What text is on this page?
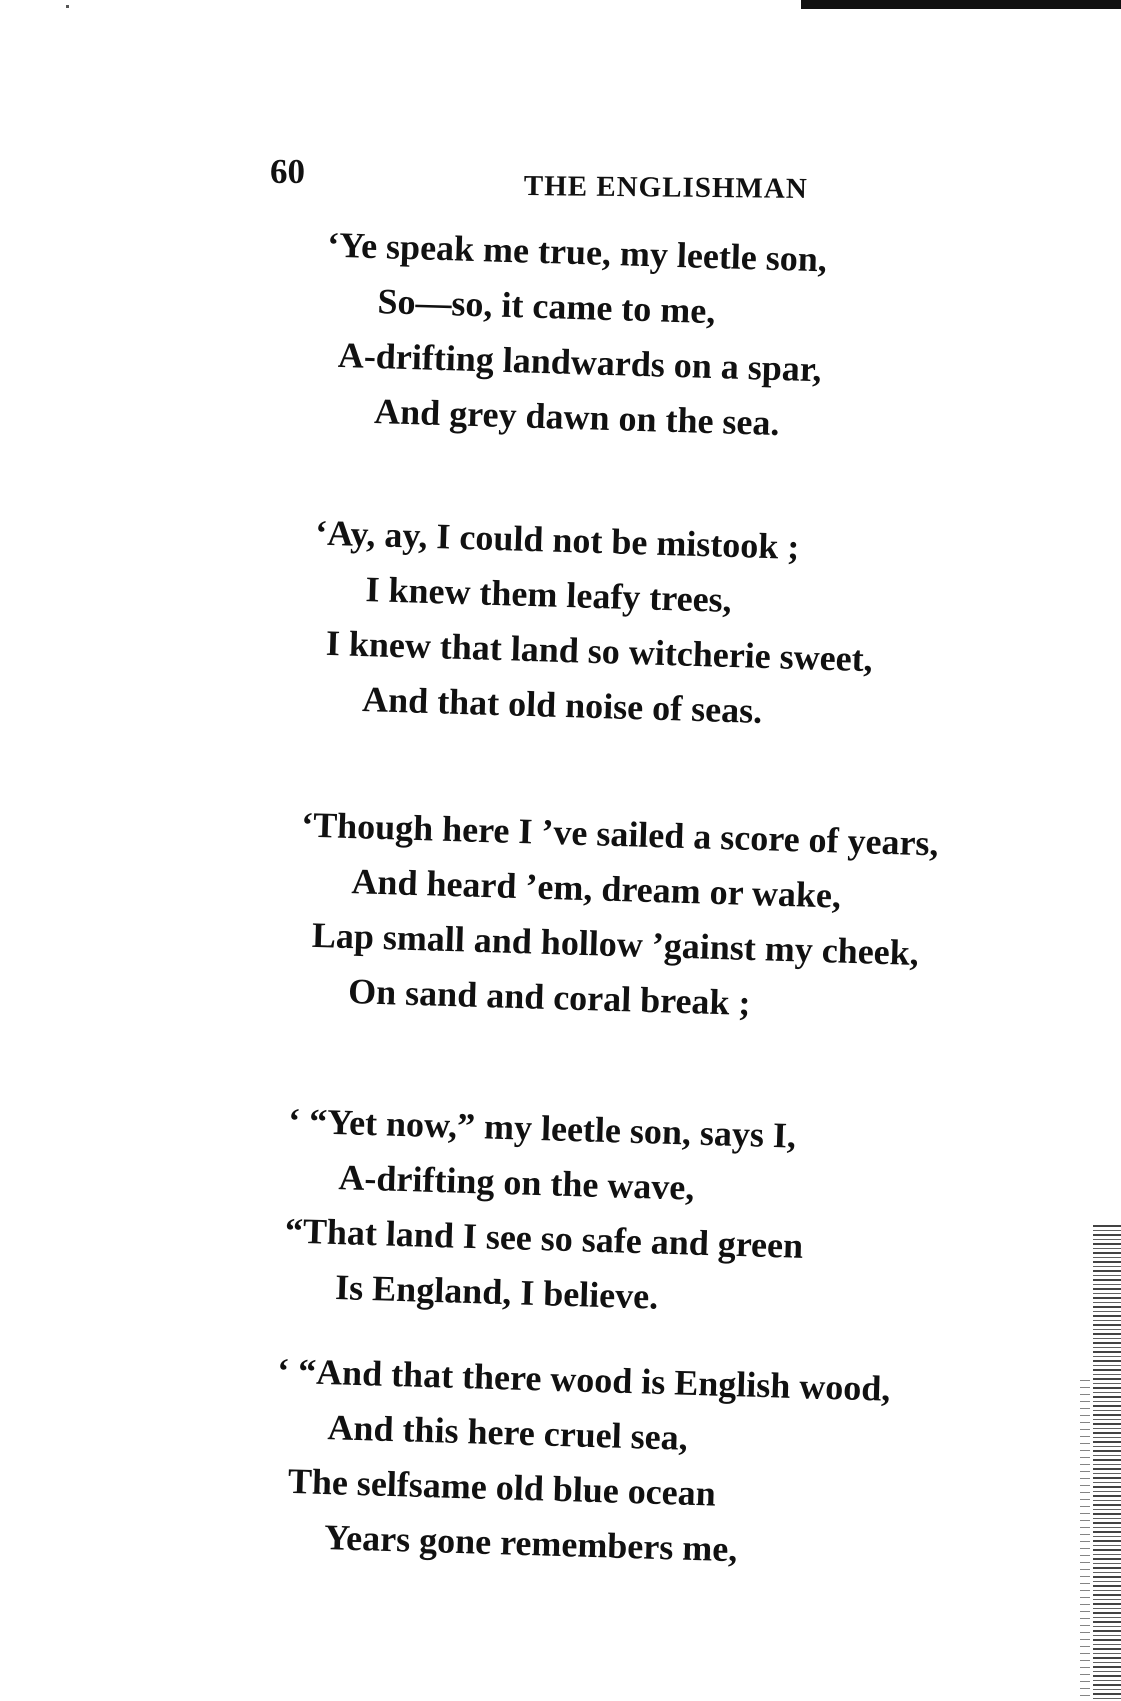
60	THE ENGLISHMAN
‘Ye speak me true, my leetle son,
So—so, it came to me,
A-drifting landwards on a spar,
And grey dawn on the sea.
‘Ay, ay, I could not be mistook ;
I knew them leafy trees,
I knew that land so witcherie sweet,
And that old noise of seas.
‘Though here I ’ve sailed a score of years,
And heard ’em, dream or wake,
Lap small and hollow ’gainst my cheek,
On sand and coral break ;
‘ “Yet now,” my leetle son, says I,
A-drifting on the wave,
“That land I see so safe and green
Is England, I believe.
‘ “And that there wood is English wood,
And this here cruel sea,
The selfsame old blue ocean
Years gone remembers me,
